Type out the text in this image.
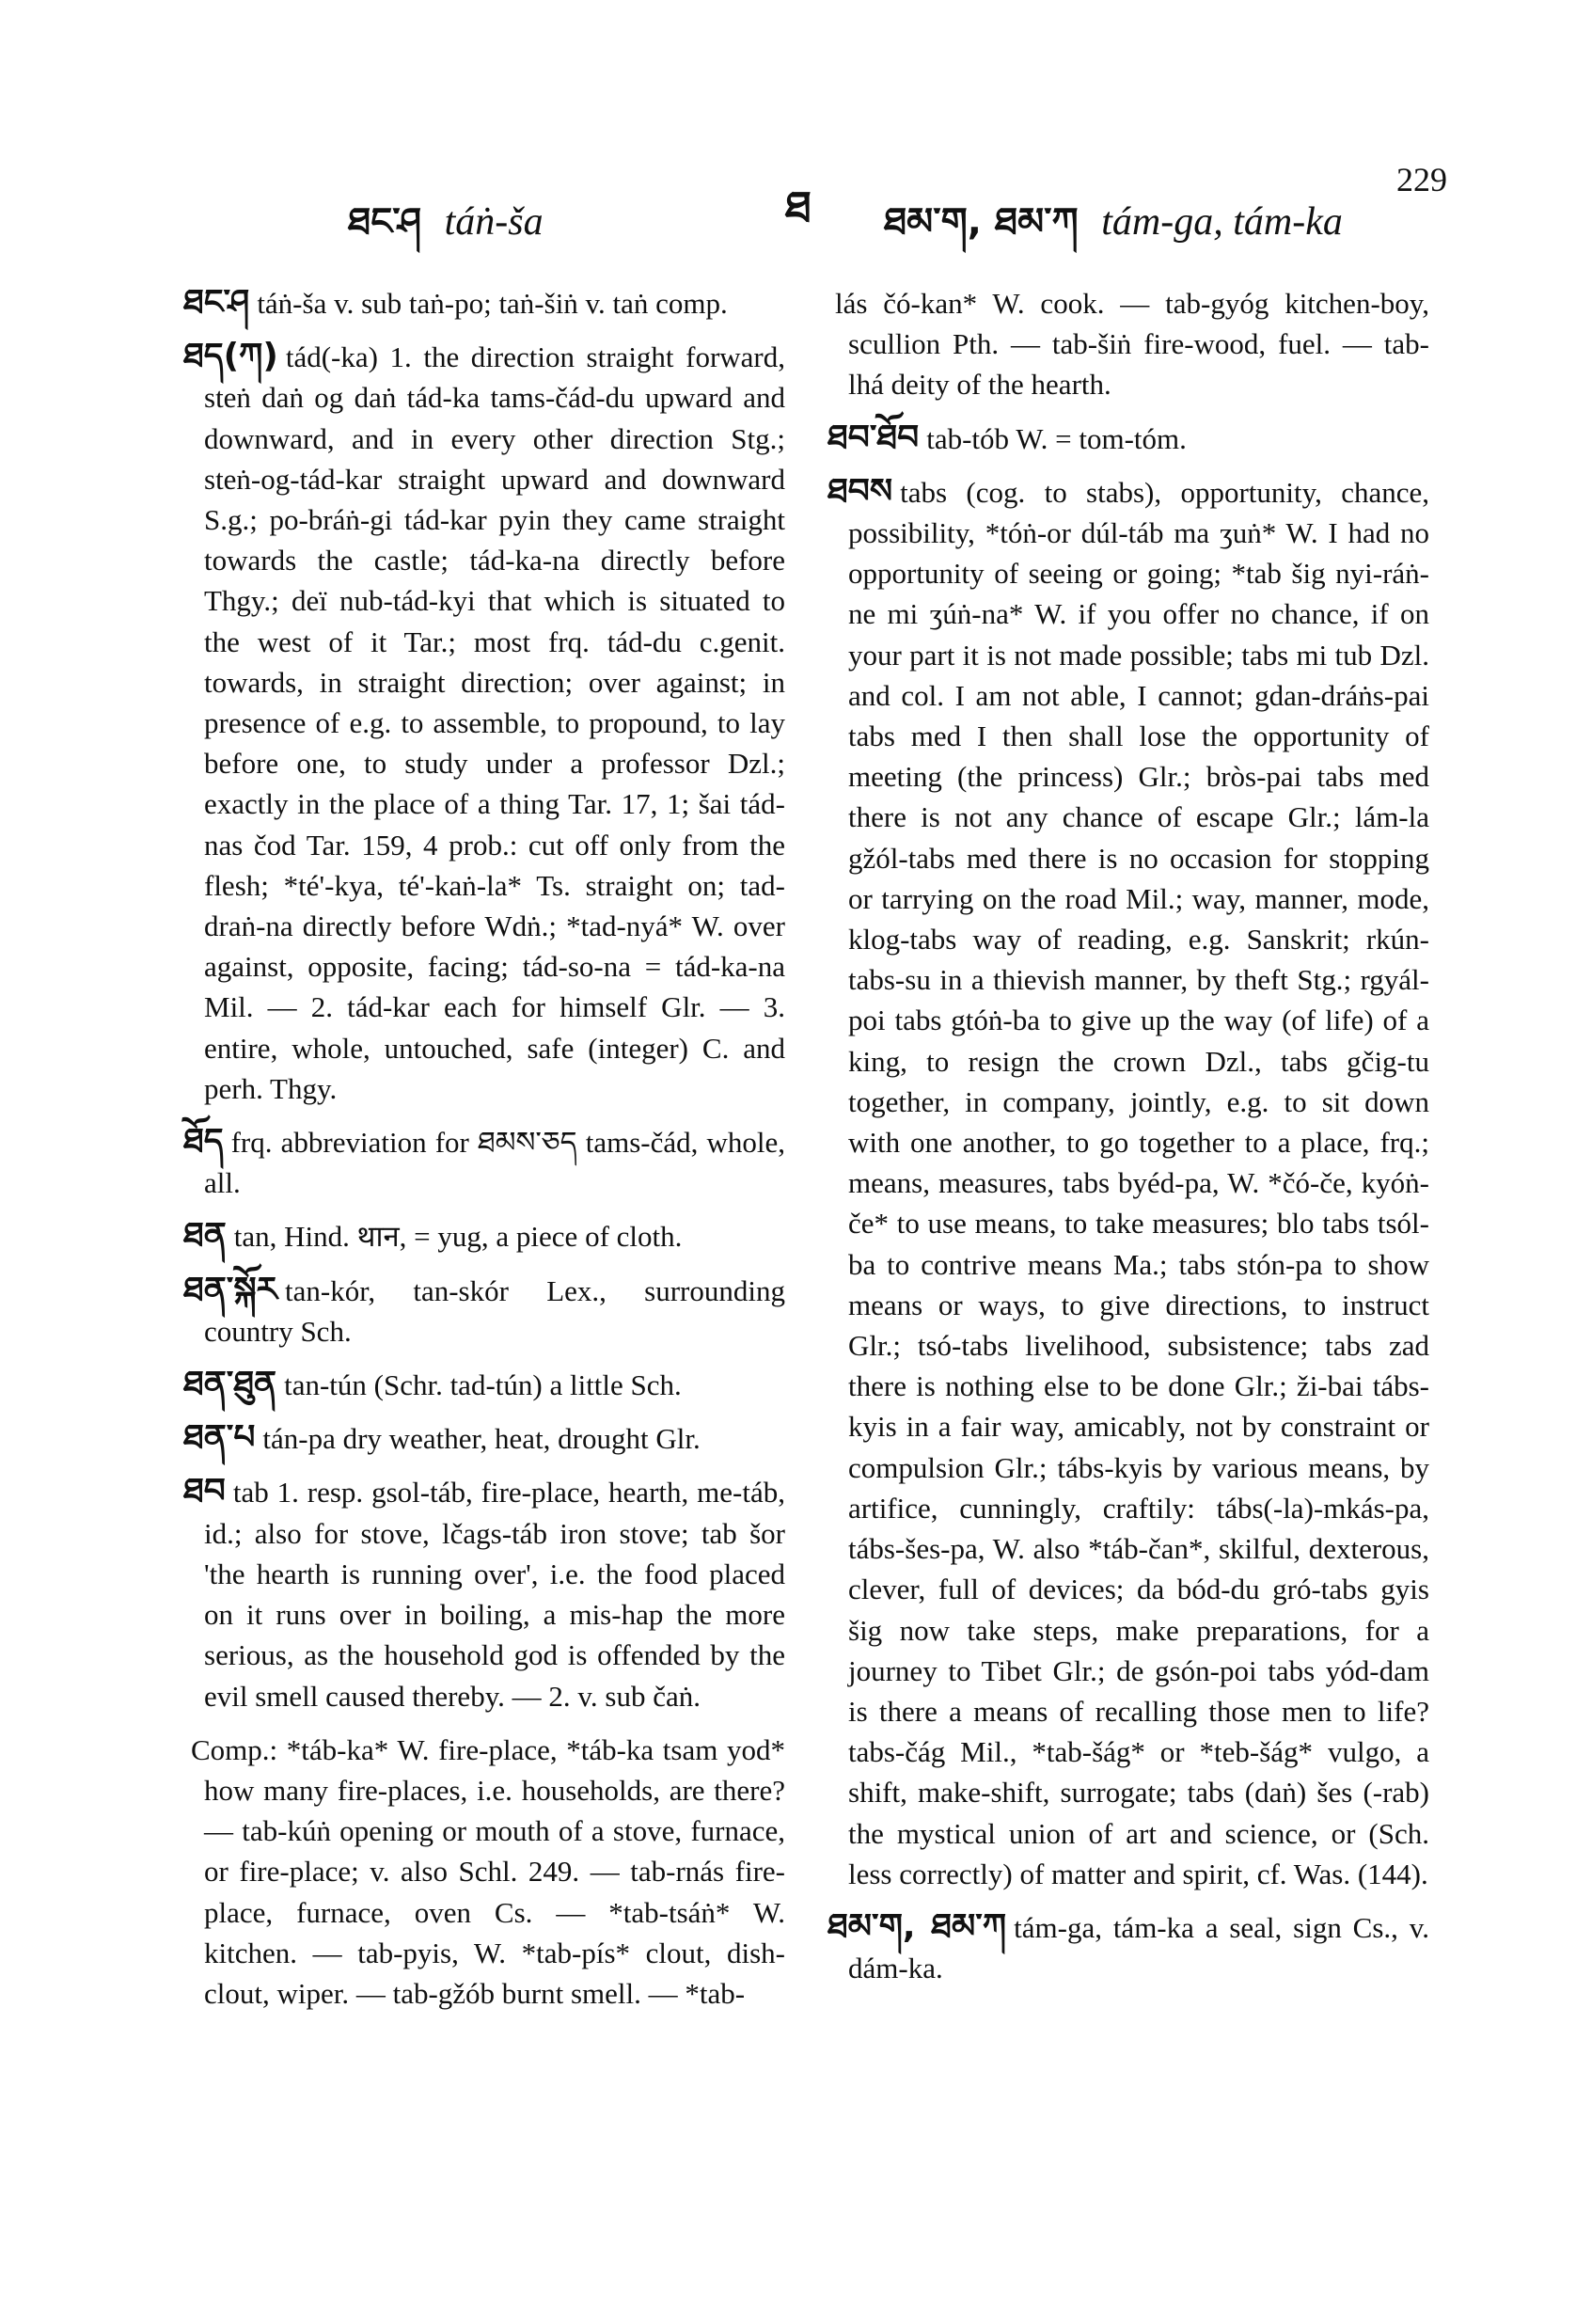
ཐང་ཤ táṅ-ša	ཐ ཐམ་ག, ཐམ་ཀ tám-ga, tám-ka
229

ཐང་ཤ táṅ-ša v. sub taṅ-po; taṅ-šiṅ v. taṅ comp.

ཐད(ཀ) tád(-ka) 1. the direction straight forward, steṅ daṅ og daṅ tád-ka tams-čád-du upward and downward, and in every other direction Stg.; steṅ-og-tád-kar straight upward and downward S.g.; po-bráṅ-gi tád-kar pyin they came straight towards the castle; tád-ka-na directly before Thgy.; deï nub-tád-kyi that which is situated to the west of it Tar.; most frq. tád-du c.genit. towards, in straight direction; over against; in presence of e.g. to assemble, to propound, to lay before one, to study under a professor Dzl.; exactly in the place of a thing Tar. 17, 1; šai tád-nas čod Tar. 159, 4 prob.: cut off only from the flesh; *té'-kya, té'-kaṅ-la* Ts. straight on; tad-draṅ-na directly before Wdṅ.; *tad-nyá* W. over against, opposite, facing; tád-so-na = tád-ka-na Mil. — 2. tád-kar each for himself Glr. — 3. entire, whole, untouched, safe (integer) C. and perh. Thgy.

ཐོད frq. abbreviation for ཐམས་ཅད tams-čád, whole, all.

ཐན tan, Hind. थान, = yug, a piece of cloth.

ཐན་སྐོར tan-kór, tan-skór Lex., surrounding country Sch.

ཐན་ཐུན tan-tún (Schr. tad-tún) a little Sch.

ཐན་པ tán-pa dry weather, heat, drought Glr.

ཐབ tab 1. resp. gsol-táb, fire-place, hearth, me-táb, id.; also for stove, lčags-táb iron stove; tab šor 'the hearth is running over', i.e. the food placed on it runs over in boiling, a mis-hap the more serious, as the household god is offended by the evil smell caused thereby. — 2. v. sub čaṅ.

Comp.: *táb-ka* W. fire-place, *táb-ka tsam yod* how many fire-places, i.e. households, are there? — tab-kúṅ opening or mouth of a stove, furnace, or fire-place; v. also Schl. 249. — tab-rnás fire-place, furnace, oven Cs. — *tab-tsáṅ* W. kitchen. — tab-pyis, W. *tab-pís* clout, dish-clout, wiper. — tab-gžób burnt smell. — *tab-

lás čó-kan* W. cook. — tab-gyóg kitchen-boy, scullion Pth. — tab-šiṅ fire-wood, fuel. — tab-lhá deity of the hearth.

ཐབ་ཐོབ tab-tób W. = tom-tóm.

ཐབས tabs (cog. to stabs), opportunity, chance, possibility, *tóṅ-or dúl-táb ma ʒuṅ* W. I had no opportunity of seeing or going; *tab šig nyi-ráṅ-ne mi ʒúṅ-na* W. if you offer no chance, if on your part it is not made possible; tabs mi tub Dzl. and col. I am not able, I cannot; gdan-dráṅs-pai tabs med I then shall lose the opportunity of meeting (the princess) Glr.; bròs-pai tabs med there is not any chance of escape Glr.; lám-la gžól-tabs med there is no occasion for stopping or tarrying on the road Mil.; way, manner, mode, klog-tabs way of reading, e.g. Sanskrit; rkún-tabs-su in a thievish manner, by theft Stg.; rgyál-poi tabs gtóṅ-ba to give up the way (of life) of a king, to resign the crown Dzl., tabs gčig-tu together, in company, jointly, e.g. to sit down with one another, to go together to a place, frq.; means, measures, tabs byéd-pa, W. *čó-če, kyóṅ-če* to use means, to take measures; blo tabs tsól-ba to contrive means Ma.; tabs stón-pa to show means or ways, to give directions, to instruct Glr.; tsó-tabs livelihood, subsistence; tabs zad there is nothing else to be done Glr.; ži-bai tábs-kyis in a fair way, amicably, not by constraint or compulsion Glr.; tábs-kyis by various means, by artifice, cunningly, craftily: tábs(-la)-mkás-pa, tábs-šes-pa, W. also *táb-čan*, skilful, dexterous, clever, full of devices; da bód-du gró-tabs gyis šig now take steps, make preparations, for a journey to Tibet Glr.; de gsón-poi tabs yód-dam is there a means of recalling those men to life? tabs-čág Mil., *tab-šág* or *teb-šág* vulgo, a shift, make-shift, surrogate; tabs (daṅ) šes (-rab) the mystical union of art and science, or (Sch. less correctly) of matter and spirit, cf. Was. (144).

ཐམ་ག, ཐམ་ཀ tám-ga, tám-ka a seal, sign Cs., v. dám-ka.
